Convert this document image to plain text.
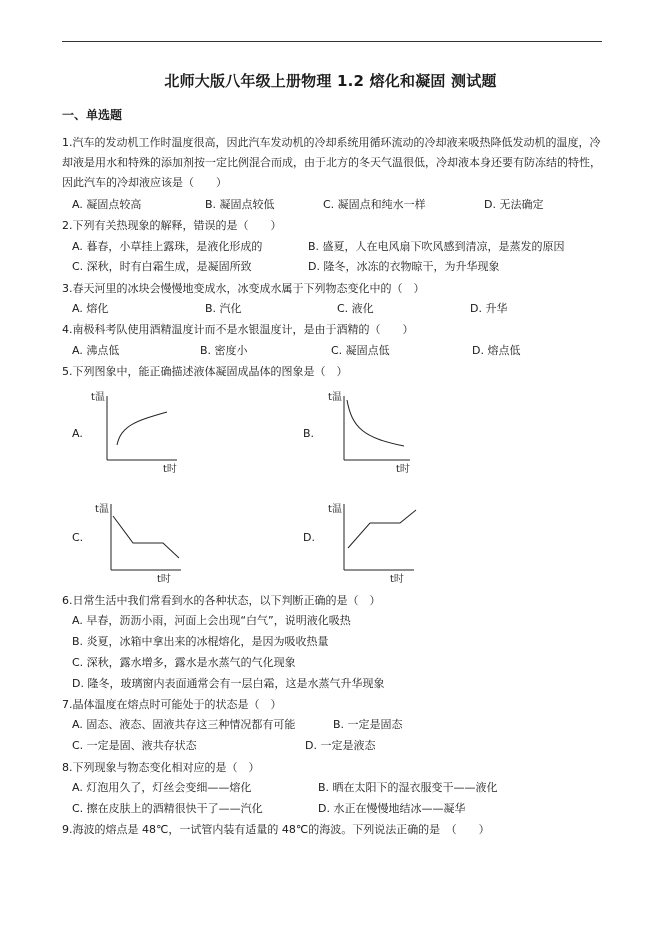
北师大版八年级上册物理 1.2 熔化和凝固 测试题
一、单选题
1.汽车的发动机工作时温度很高，因此汽车发动机的冷却系统用循环流动的冷却液来吸热降低发动机的温度，冷却液是用水和特殊的添加剂按一定比例混合而成，由于北方的冬天气温很低，冷却液本身还要有防冻结的特性，因此汽车的冷却液应该是（　　）
A. 凝固点较高	B. 凝固点较低	C. 凝固点和纯水一样	D. 无法确定
2.下列有关热现象的解释，错误的是（　　）
A. 暮春，小草挂上露珠，是液化形成的	B. 盛夏，人在电风扇下吹风感到清凉，是蒸发的原因
C. 深秋，时有白霜生成，是凝固所致	D. 隆冬，冰冻的衣物晾干，为升华现象
3.春天河里的冰块会慢慢地变成水，冰变成水属于下列物态变化中的（　）
A. 熔化	B. 汽化	C. 液化	D. 升华
4.南极科考队使用酒精温度计而不是水银温度计，是由于酒精的（　　）
A. 沸点低	B. 密度小	C. 凝固点低	D. 熔点低
5.下列图象中，能正确描述液体凝固成晶体的图象是（　）
A.
t温
t时
B.
t温
t时
C.
t温
t时
D.
t温
t时
6.日常生活中我们常看到水的各种状态，以下判断正确的是（　）
A. 早春，沥沥小雨，河面上会出现“白气”，说明液化吸热
B. 炎夏，冰箱中拿出来的冰棍熔化，是因为吸收热量
C. 深秋，露水增多，露水是水蒸气的气化现象
D. 隆冬，玻璃窗内表面通常会有一层白霜，这是水蒸气升华现象
7.晶体温度在熔点时可能处于的状态是（　）
A. 固态、液态、固液共存这三种情况都有可能	B. 一定是固态
C. 一定是固、液共存状态	D. 一定是液态
8.下列现象与物态变化相对应的是（　）
A. 灯泡用久了，灯丝会变细——熔化	B. 晒在太阳下的湿衣服变干——液化
C. 擦在皮肤上的酒精很快干了——汽化	D. 水正在慢慢地结冰——凝华
9.海波的熔点是 48℃，一试管内装有适量的 48℃的海波。下列说法正确的是　（　　）
